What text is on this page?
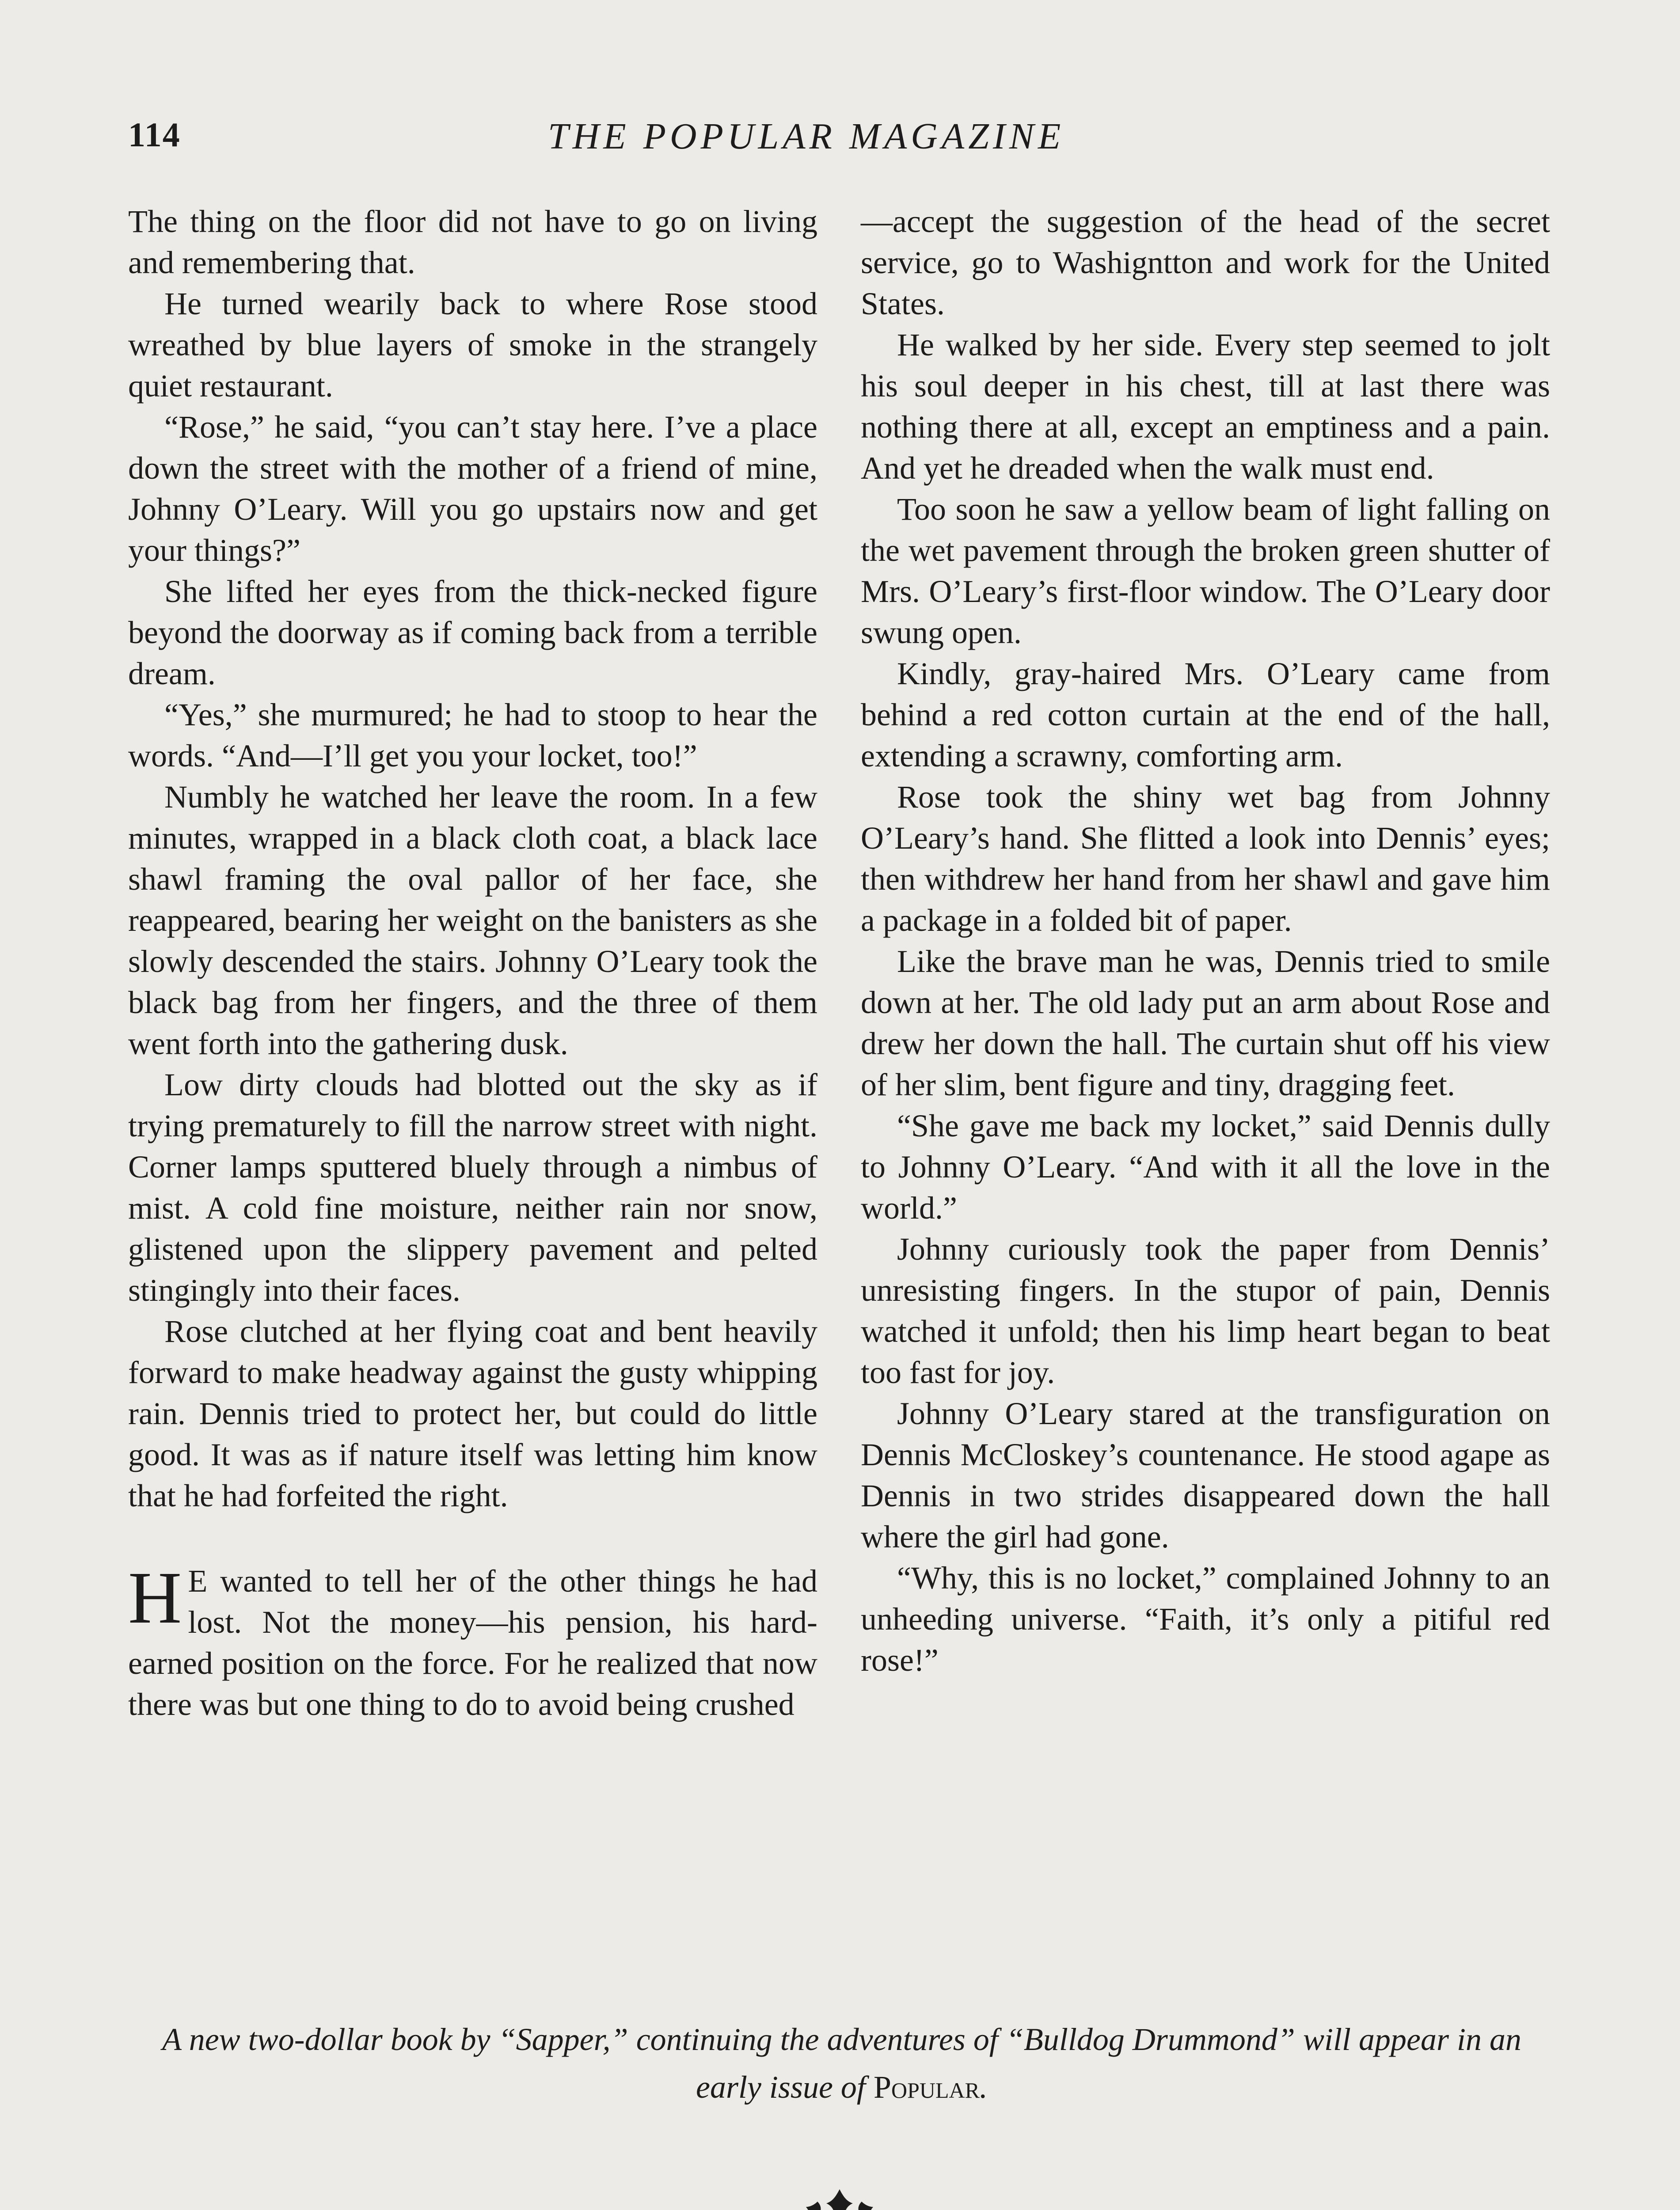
114	THE POPULAR MAGAZINE

The thing on the floor did not have to go on living and remembering that.

He turned wearily back to where Rose stood wreathed by blue layers of smoke in the strangely quiet restaurant.

“Rose,” he said, “you can’t stay here. I’ve a place down the street with the mother of a friend of mine, Johnny O’Leary. Will you go upstairs now and get your things?”

She lifted her eyes from the thick-necked figure beyond the doorway as if coming back from a terrible dream.

“Yes,” she murmured; he had to stoop to hear the words. “And—I’ll get you your locket, too!”

Numbly he watched her leave the room. In a few minutes, wrapped in a black cloth coat, a black lace shawl framing the oval pallor of her face, she reappeared, bearing her weight on the banisters as she slowly descended the stairs. Johnny O’Leary took the black bag from her fingers, and the three of them went forth into the gathering dusk.

Low dirty clouds had blotted out the sky as if trying prematurely to fill the narrow street with night. Corner lamps sputtered bluely through a nimbus of mist. A cold fine moisture, neither rain nor snow, glistened upon the slippery pavement and pelted stingingly into their faces.

Rose clutched at her flying coat and bent heavily forward to make headway against the gusty whipping rain. Dennis tried to protect her, but could do little good. It was as if nature itself was letting him know that he had forfeited the right.

H E wanted to tell her of the other things he had lost. Not the money—his pension, his hard-earned position on the force. For he realized that now there was but one thing to do to avoid being crushed

—accept the suggestion of the head of the secret service, go to Washigntton and work for the United States.

He walked by her side. Every step seemed to jolt his soul deeper in his chest, till at last there was nothing there at all, except an emptiness and a pain. And yet he dreaded when the walk must end.

Too soon he saw a yellow beam of light falling on the wet pavement through the broken green shutter of Mrs. O’Leary’s first-floor window. The O’Leary door swung open.

Kindly, gray-haired Mrs. O’Leary came from behind a red cotton curtain at the end of the hall, extending a scrawny, comforting arm.

Rose took the shiny wet bag from Johnny O’Leary’s hand. She flitted a look into Dennis’ eyes; then withdrew her hand from her shawl and gave him a package in a folded bit of paper.

Like the brave man he was, Dennis tried to smile down at her. The old lady put an arm about Rose and drew her down the hall. The curtain shut off his view of her slim, bent figure and tiny, dragging feet.

“She gave me back my locket,” said Dennis dully to Johnny O’Leary. “And with it all the love in the world.”

Johnny curiously took the paper from Dennis’ unresisting fingers. In the stupor of pain, Dennis watched it unfold; then his limp heart began to beat too fast for joy.

Johnny O’Leary stared at the transfiguration on Dennis McCloskey’s countenance. He stood agape as Dennis in two strides disappeared down the hall where the girl had gone.

“Why, this is no locket,” complained Johnny to an unheeding universe. “Faith, it’s only a pitiful red rose!”

A new two-dollar book by “Sapper,” continuing the adventures of “Bulldog Drummond” will appear in an early issue of Popular.
